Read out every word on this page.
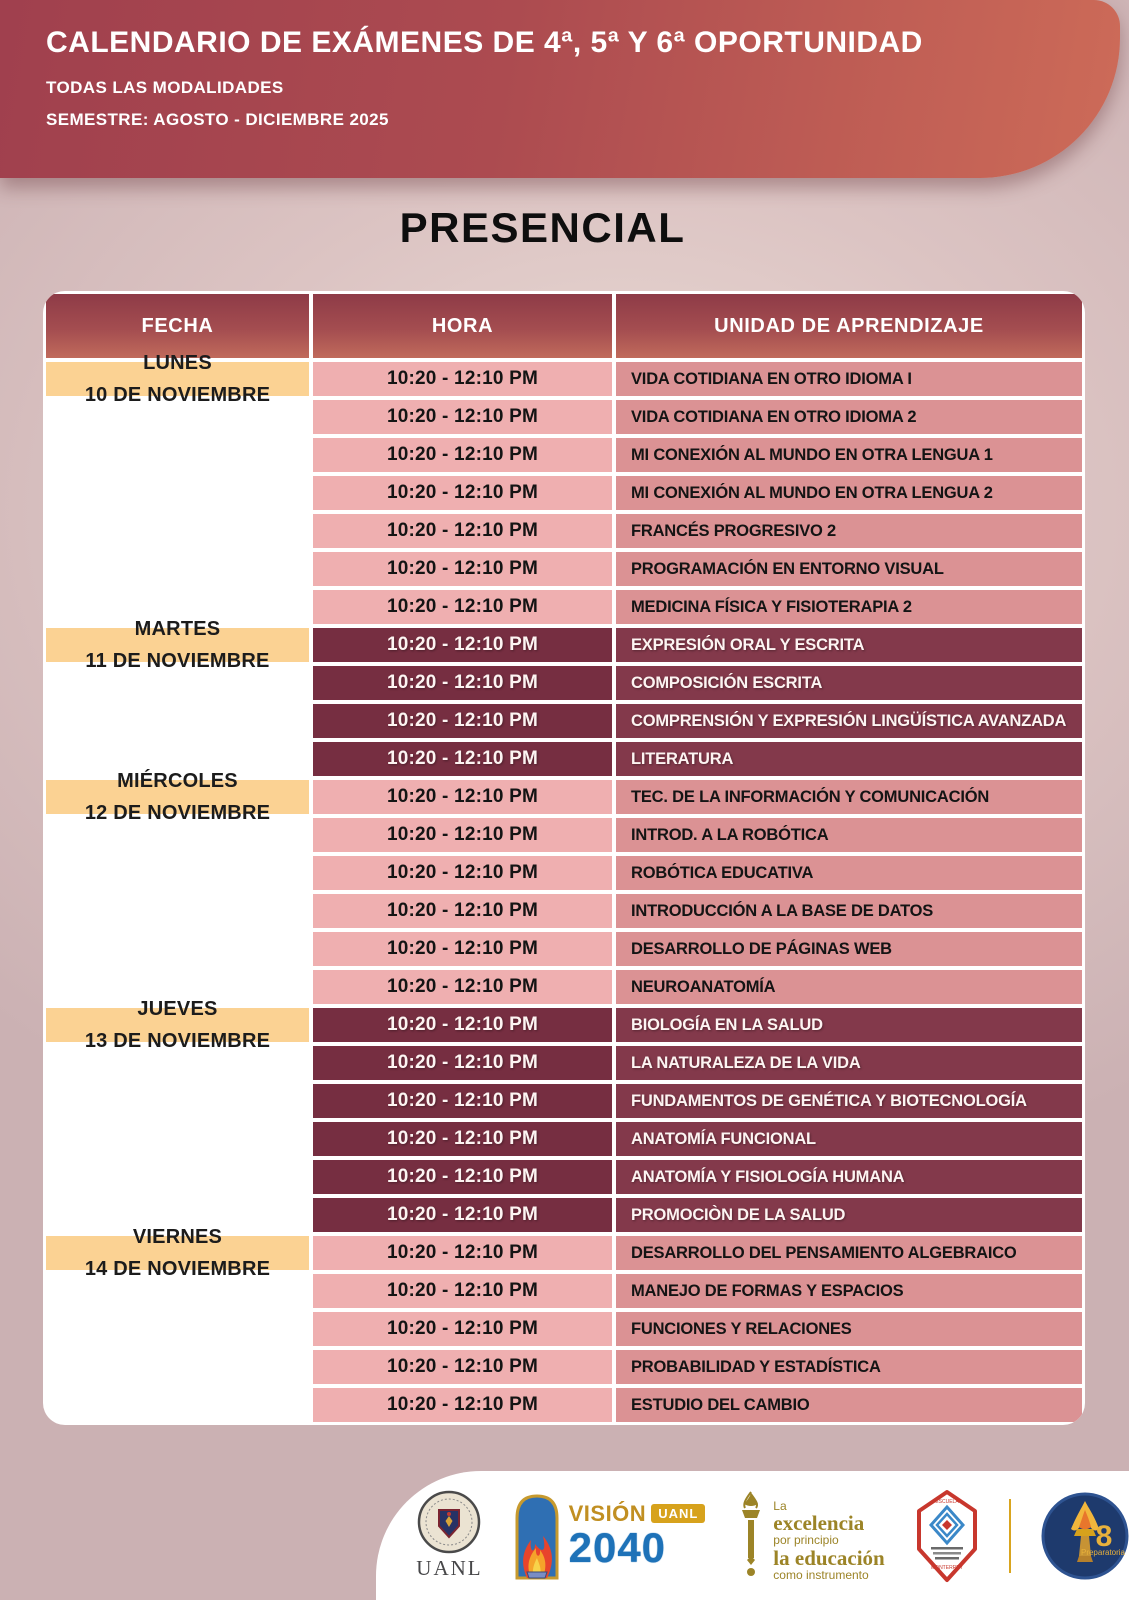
CALENDARIO DE EXÁMENES DE 4ª, 5ª Y 6ª OPORTUNIDAD
TODAS LAS MODALIDADES
SEMESTRE: AGOSTO - DICIEMBRE 2025
PRESENCIAL
FECHA	HORA	UNIDAD DE APRENDIZAJE
LUNES
10 DE NOVIEMBRE
10:20 - 12:10 PM	VIDA COTIDIANA EN OTRO IDIOMA I
10:20 - 12:10 PM	VIDA COTIDIANA EN OTRO IDIOMA 2
10:20 - 12:10 PM	MI CONEXIÓN AL MUNDO EN OTRA LENGUA 1
10:20 - 12:10 PM	MI CONEXIÓN AL MUNDO EN OTRA LENGUA 2
10:20 - 12:10 PM	FRANCÉS PROGRESIVO 2
10:20 - 12:10 PM	PROGRAMACIÓN EN ENTORNO VISUAL
10:20 - 12:10 PM	MEDICINA FÍSICA Y FISIOTERAPIA 2
MARTES
11 DE NOVIEMBRE
10:20 - 12:10 PM	EXPRESIÓN ORAL Y ESCRITA
10:20 - 12:10 PM	COMPOSICIÓN ESCRITA
10:20 - 12:10 PM	COMPRENSIÓN Y EXPRESIÓN LINGÜÍSTICA AVANZADA
10:20 - 12:10 PM	LITERATURA
MIÉRCOLES
12 DE NOVIEMBRE
10:20 - 12:10 PM	TEC. DE LA INFORMACIÓN Y COMUNICACIÓN
10:20 - 12:10 PM	INTROD. A LA ROBÓTICA
10:20 - 12:10 PM	ROBÓTICA EDUCATIVA
10:20 - 12:10 PM	INTRODUCCIÓN A LA BASE DE DATOS
10:20 - 12:10 PM	DESARROLLO DE PÁGINAS WEB
10:20 - 12:10 PM	NEUROANATOMÍA
JUEVES
13 DE NOVIEMBRE
10:20 - 12:10 PM	BIOLOGÍA EN LA SALUD
10:20 - 12:10 PM	LA NATURALEZA DE LA VIDA
10:20 - 12:10 PM	FUNDAMENTOS DE GENÉTICA Y BIOTECNOLOGÍA
10:20 - 12:10 PM	ANATOMÍA FUNCIONAL
10:20 - 12:10 PM	ANATOMÍA Y FISIOLOGÍA HUMANA
10:20 - 12:10 PM	PROMOCIÒN DE LA SALUD
VIERNES
14 DE NOVIEMBRE
10:20 - 12:10 PM	DESARROLLO DEL PENSAMIENTO ALGEBRAICO
10:20 - 12:10 PM	MANEJO DE FORMAS Y ESPACIOS
10:20 - 12:10 PM	FUNCIONES Y RELACIONES
10:20 - 12:10 PM	PROBABILIDAD Y ESTADÍSTICA
10:20 - 12:10 PM	ESTUDIO DEL CAMBIO
UANL
VISIÓN UANL
2040
La
excelencia
por principio
la educación
como instrumento
ESCUELA
MONTERREY
8
Preparatoria
